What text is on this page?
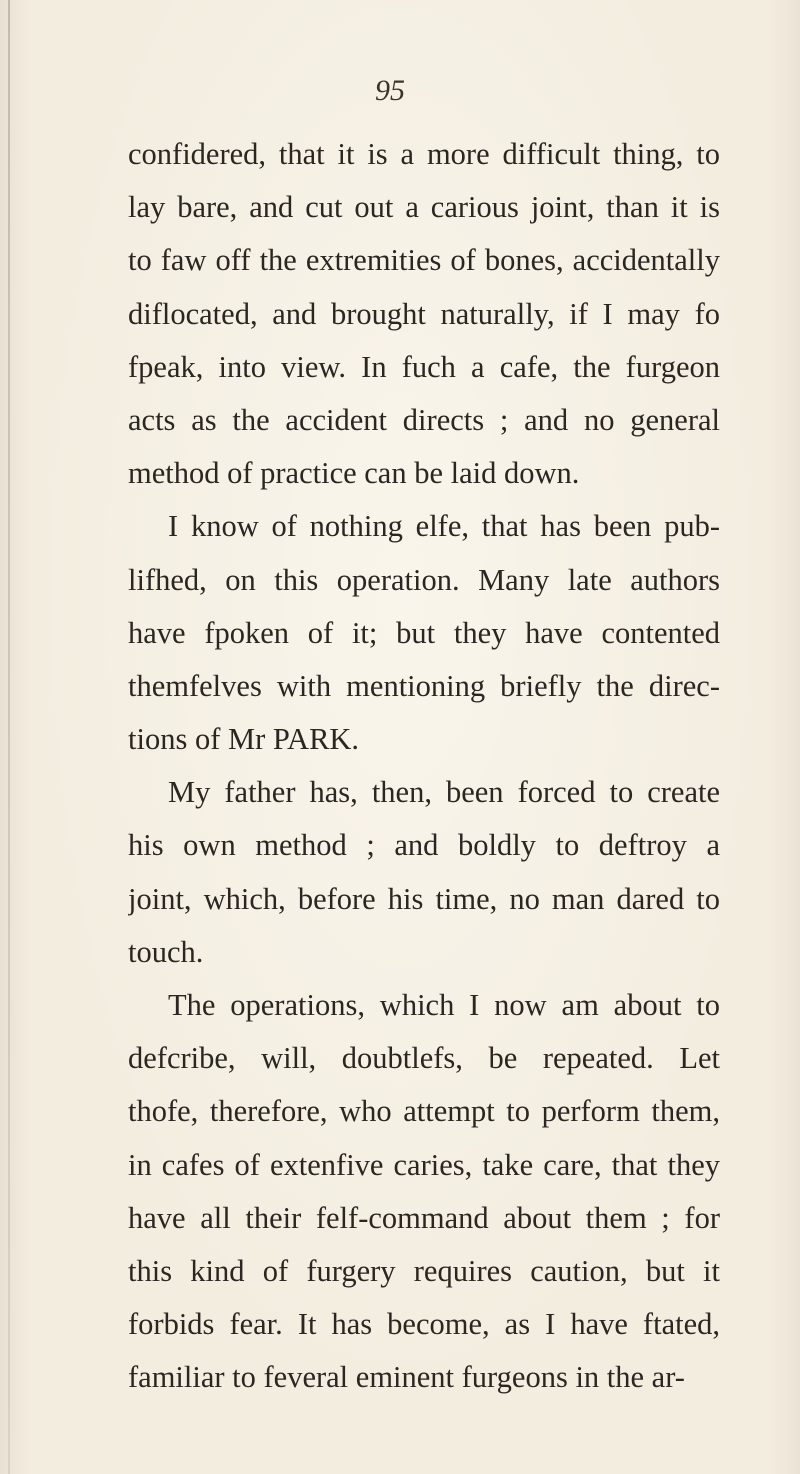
95
confidered, that it is a more difficult thing, to
lay bare, and cut out a carious joint, than it is
to faw off the extremities of bones, accidentally
diflocated, and brought naturally, if I may fo
fpeak, into view. In fuch a cafe, the furgeon
acts as the accident directs ; and no general
method of practice can be laid down.
I know of nothing elfe, that has been pub-
lifhed, on this operation. Many late authors
have fpoken of it; but they have contented
themfelves with mentioning briefly the direc-
tions of Mr PARK.
My father has, then, been forced to create
his own method ; and boldly to deftroy a
joint, which, before his time, no man dared to
touch.
The operations, which I now am about to
defcribe, will, doubtlefs, be repeated. Let
thofe, therefore, who attempt to perform them,
in cafes of extenfive caries, take care, that they
have all their felf-command about them ; for
this kind of furgery requires caution, but it
forbids fear. It has become, as I have ftated,
familiar to feveral eminent furgeons in the ar-
